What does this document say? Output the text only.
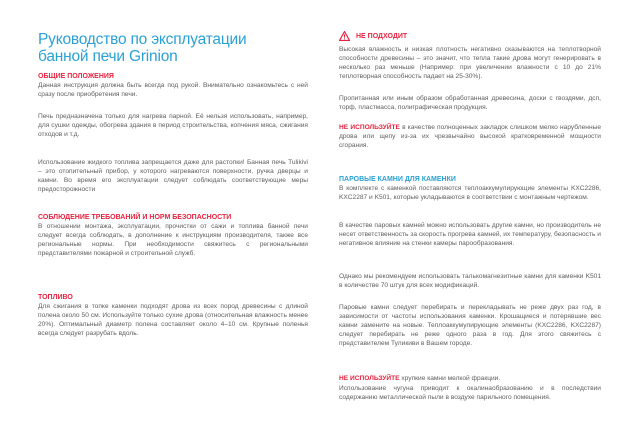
Руководство по эксплуатации
банной печи Grinion
ОБЩИЕ ПОЛОЖЕНИЯ

Данная инструкция должна быть всегда под рукой. Внимательно ознакомьтесь с ней сразу после приобретения печи.

Печь предназначена только для нагрева парной. Её нельзя использовать, например, для сушки одежды, обогрева здания в период строительства, копчения мяса, сжигания отходов и т.д.

Использование жидкого топлива запрещается даже для растопки! Банная печь Tulikivi – это отопительный прибор, у которого нагреваются поверхности, ручка дверцы и камни. Во время его эксплуатации следует соблюдать соответствующие меры предосторожности

СОБЛЮДЕНИЕ ТРЕБОВАНИЙ И НОРМ БЕЗОПАСНОСТИ

В отношении монтажа, эксплуатации, прочистки от сажи и топлива банной печи следует всегда соблюдать, в дополнение к инструкциям производителя, также все региональные нормы. При необходимости свяжитесь с региональными представителями пожарной и строительной служб.

ТОПЛИВО

Для сжигания в топке каменки подходят дрова из всех пород древесины с длиной полена около 50 см. Используйте только сухие дрова (относительная влажность менее 20%). Оптимальный диаметр полена составляет около 4–10 см. Крупные поленья всегда следует разрубать вдоль.

НЕ ПОДХОДИТ

Высокая влажность и низкая плотность негативно сказываются на теплотворной способности древесины – это значит, что тепла такие дрова могут генерировать в несколько раз меньше (Например: при увеличении влажности с 10 до 21% теплотворная способность падает на 25-30%).

Пропитанная или иным образом обработанная древесина, доски с гвоздями, дсп, торф, пластмасса, полиграфическая продукция.

НЕ ИСПОЛЬЗУЙТЕ в качестве полноценных закладок слишком мелко нарубленные дрова или щепу из-за их чрезвычайно высокой кратковременной мощности сгорания.

ПАРОВЫЕ КАМНИ ДЛЯ КАМЕНКИ

В комплекте с каменкой поставляются теплоаккумулирующие элементы KXC2286, KXC2287 и K501, которые укладываются в соответствии с монтажным чертежом.

В качестве паровых камней можно использовать другие камни, но производитель не несет ответственность за скорость прогрева камней, их температуру, безопасность и негативное влияние на стенки камеры парообразования.

Однако мы рекомендуем использовать талькомагнезитные камни для каменки K501 в количестве 70 штук для всех модификаций.

Паровые камни следует перебирать и перекладывать не реже двух раз год, в зависимости от частоты использования каменки. Крошащиеся и потерявшие вес камни замените на новые. Теплоаккумулирующие элементы (KXC2286, KXC2287) следует перебирать не реже одного раза в год. Для этого свяжитесь с представителем Туликиви в Вашем городе.

НЕ ИСПОЛЬЗУЙТЕ хрупкие камни мелкой фракции.

Использование чугуна приводит к окалинаобразованию и в последствии содержанию металлической пыли в воздухе парильного помещения.
